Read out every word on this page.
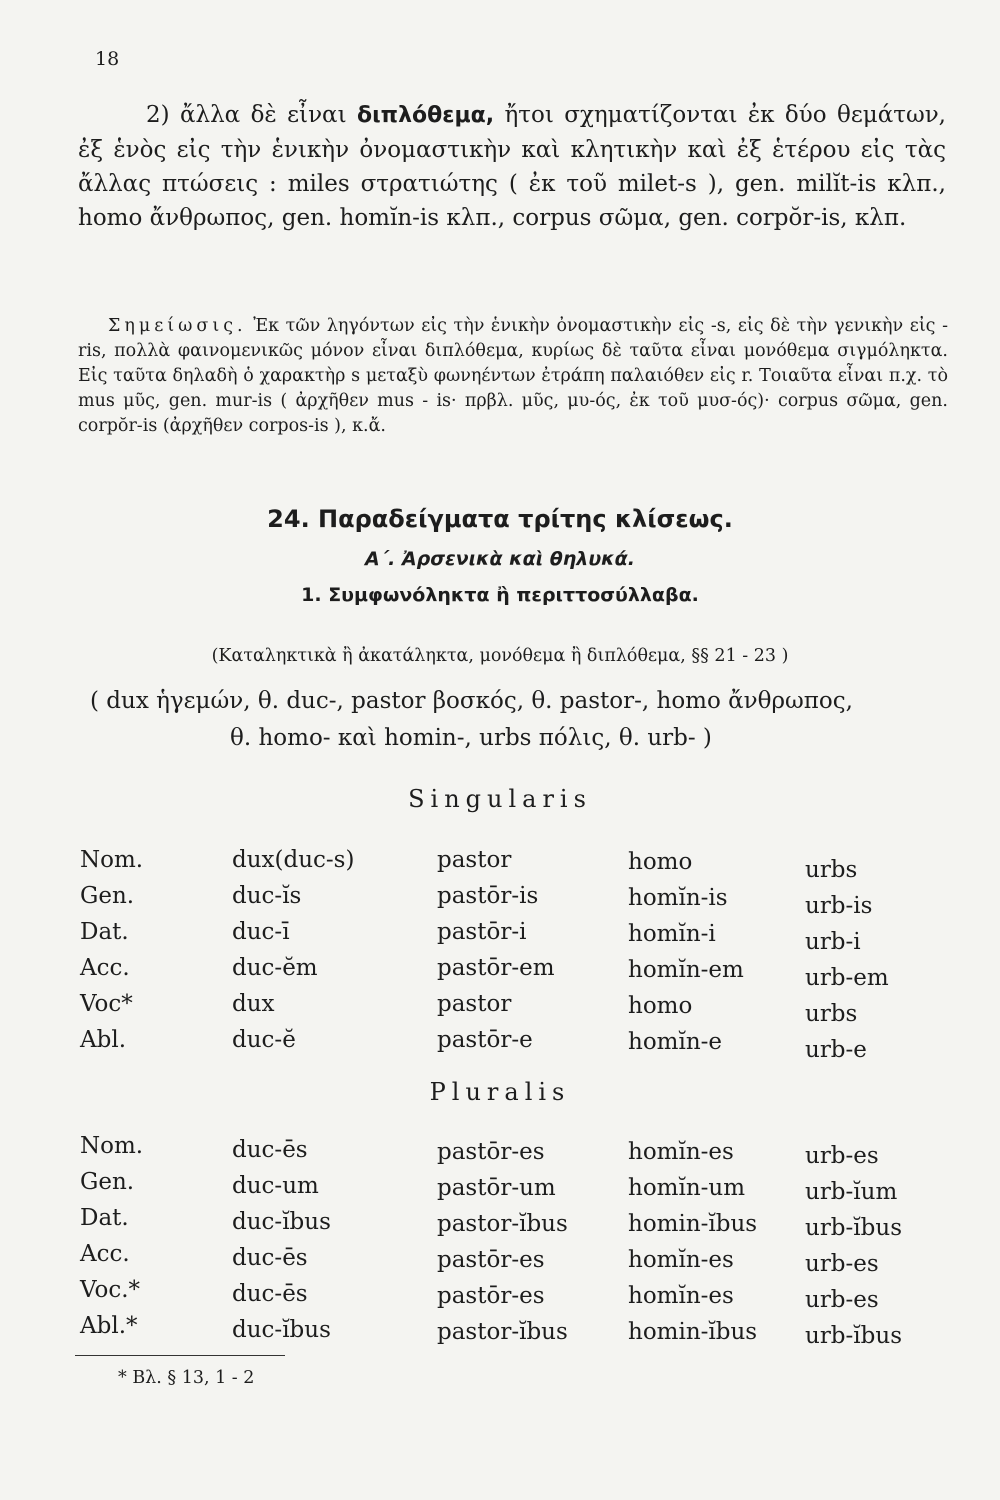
18
2) ἄλλα δὲ εἶναι διπλόθεμα, ἤτοι σχηματίζονται ἐκ δύο θεμάτων, ἐξ ἑνὸς εἰς τὴν ἑνικὴν ὀνομαστικὴν καὶ κλητικὴν καὶ ἐξ ἑτέρου εἰς τὰς ἄλλας πτώσεις : miles στρατιώτης ( ἐκ τοῦ milet-s ), gen. milĭt-is κλπ., homo ἄνθρωπος, gen. homĭn-is κλπ., corpus σῶμα, gen. corpŏr-is, κλπ.
Σημείωσις. Ἐκ τῶν ληγόντων εἰς τὴν ἑνικὴν ὀνομαστικὴν εἰς -s, εἰς δὲ τὴν γενικὴν εἰς -ris, πολλὰ φαινομενικῶς μόνον εἶναι διπλόθεμα, κυρίως δὲ ταῦτα εἶναι μονόθεμα σιγμόληκτα. Εἰς ταῦτα δηλαδὴ ὁ χαρακτὴρ s μεταξὺ φωνηέντων ἐτράπη παλαιόθεν εἰς r. Τοιαῦτα εἶναι π.χ. τὸ mus μῦς, gen. mur-is ( ἀρχῆθεν mus - is· πρβλ. μῦς, μυ-ός, ἐκ τοῦ μυσ-ός)· corpus σῶμα, gen. corpŏr-is (ἀρχῆθεν corpos-is ), κ.ἄ.
24. Παραδείγματα τρίτης κλίσεως.
Α΄. Ἀρσενικὰ καὶ θηλυκά.
1. Συμφωνόληκτα ἢ περιττοσύλλαβα.
(Καταληκτικὰ ἢ ἀκατάληκτα, μονόθεμα ἢ διπλόθεμα, §§ 21 - 23 )
( dux ἡγεμών, θ. duc-, pastor βοσκός, θ. pastor-, homo ἄνθρωπος,
θ. homo- καὶ homin-, urbs πόλις, θ. urb- )
Singularis
Nom.
Gen.
Dat.
Acc.
Voc*
Abl.
dux(duc-s)
duc-ĭs
duc-ī
duc-ĕm
dux
duc-ĕ
pastor
pastōr-is
pastōr-i
pastōr-em
pastor
pastōr-e
homo
homĭn-is
homĭn-i
homĭn-em
homo
homĭn-e
urbs
urb-is
urb-i
urb-em
urbs
urb-e
Pluralis
Nom.
Gen.
Dat.
Acc.
Voc.*
Abl.*
duc-ēs
duc-um
duc-ĭbus
duc-ēs
duc-ēs
duc-ĭbus
pastōr-es
pastōr-um
pastor-ĭbus
pastōr-es
pastōr-es
pastor-ĭbus
homĭn-es
homĭn-um
homin-ĭbus
homĭn-es
homĭn-es
homin-ĭbus
urb-es
urb-ĭum
urb-ĭbus
urb-es
urb-es
urb-ĭbus
* Βλ. § 13, 1 - 2
